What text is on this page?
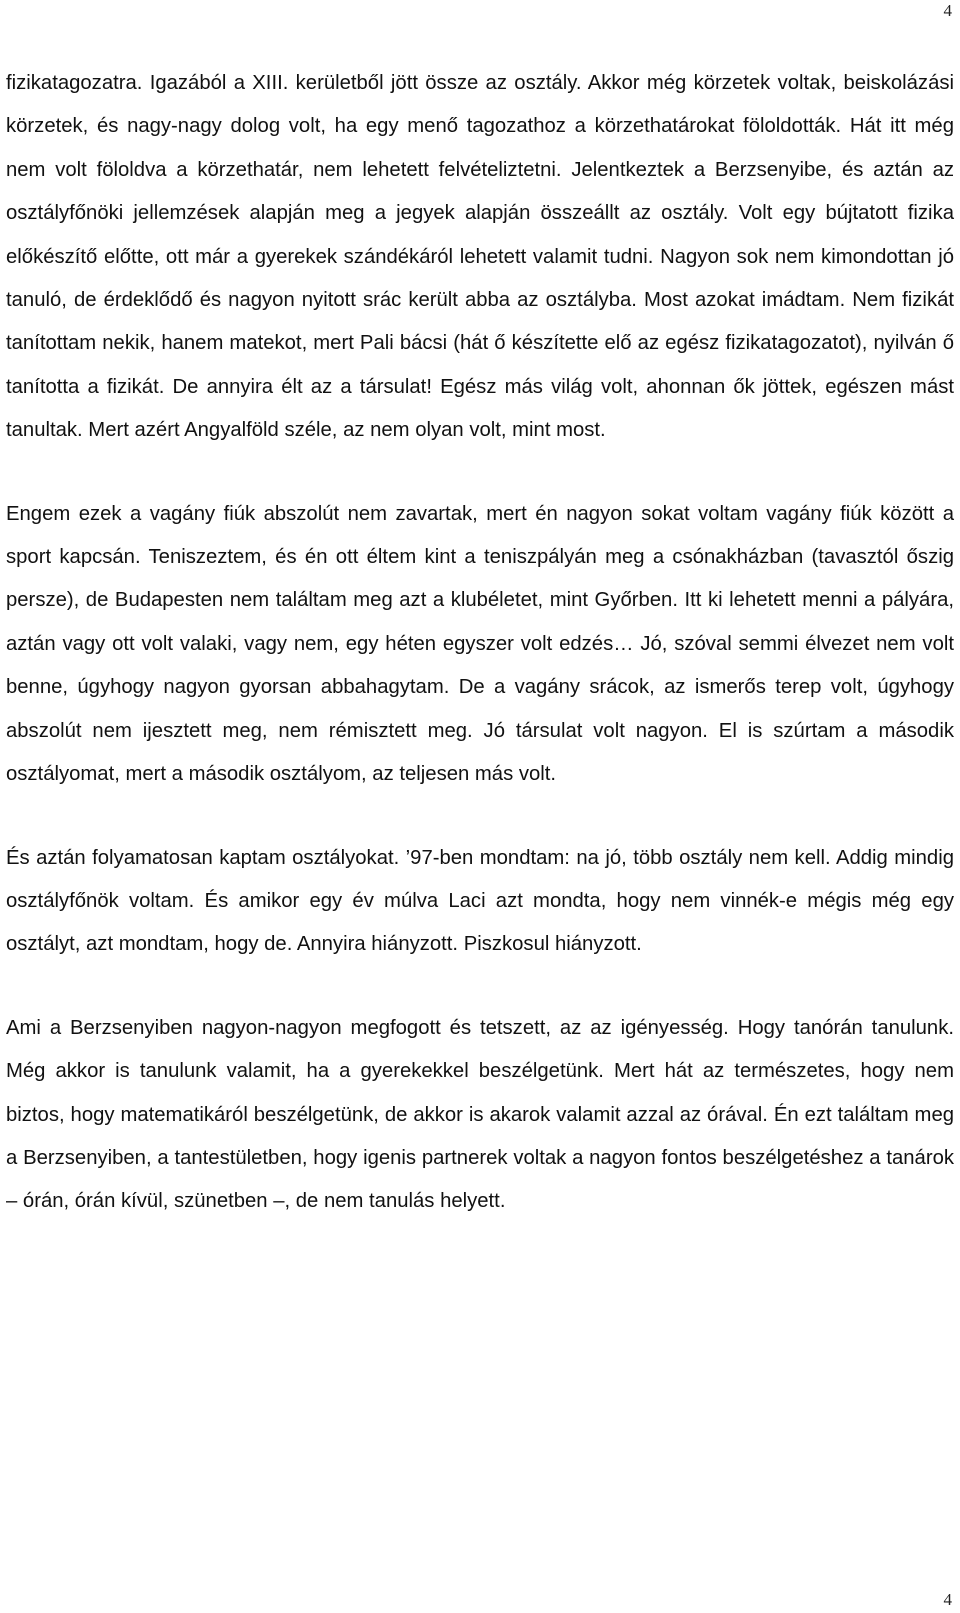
4

fizikatagozatra. Igazából a XIII. kerületből jött össze az osztály. Akkor még körzetek voltak, beiskolázási körzetek, és nagy-nagy dolog volt, ha egy menő tagozathoz a körzethatárokat föloldották. Hát itt még nem volt föloldva a körzethatár, nem lehetett felvételiztetni. Jelentkeztek a Berzsenyibe, és aztán az osztályfőnöki jellemzések alapján meg a jegyek alapján összeállt az osztály. Volt egy bújtatott fizika előkészítő előtte, ott már a gyerekek szándékáról lehetett valamit tudni. Nagyon sok nem kimondottan jó tanuló, de érdeklődő és nagyon nyitott srác került abba az osztályba. Most azokat imádtam. Nem fizikát tanítottam nekik, hanem matekot, mert Pali bácsi (hát ő készítette elő az egész fizikatagozatot), nyilván ő tanította a fizikát. De annyira élt az a társulat! Egész más világ volt, ahonnan ők jöttek, egészen mást tanultak. Mert azért Angyalföld széle, az nem olyan volt, mint most.

Engem ezek a vagány fiúk abszolút nem zavartak, mert én nagyon sokat voltam vagány fiúk között a sport kapcsán. Teniszeztem, és én ott éltem kint a teniszpályán meg a csónakházban (tavasztól őszig persze), de Budapesten nem találtam meg azt a klubéletet, mint Győrben. Itt ki lehetett menni a pályára, aztán vagy ott volt valaki, vagy nem, egy héten egyszer volt edzés… Jó, szóval semmi élvezet nem volt benne, úgyhogy nagyon gyorsan abbahagytam. De a vagány srácok, az ismerős terep volt, úgyhogy abszolút nem ijesztett meg, nem rémisztett meg. Jó társulat volt nagyon. El is szúrtam a második osztályomat, mert a második osztályom, az teljesen más volt.

És aztán folyamatosan kaptam osztályokat. ’97-ben mondtam: na jó, több osztály nem kell. Addig mindig osztályfőnök voltam. És amikor egy év múlva Laci azt mondta, hogy nem vinnék-e mégis még egy osztályt, azt mondtam, hogy de. Annyira hiányzott. Piszkosul hiányzott.

Ami a Berzsenyiben nagyon-nagyon megfogott és tetszett, az az igényesség. Hogy tanórán tanulunk. Még akkor is tanulunk valamit, ha a gyerekekkel beszélgetünk. Mert hát az természetes, hogy nem biztos, hogy matematikáról beszélgetünk, de akkor is akarok valamit azzal az órával. Én ezt találtam meg a Berzsenyiben, a tantestületben, hogy igenis partnerek voltak a nagyon fontos beszélgetéshez a tanárok – órán, órán kívül, szünetben –, de nem tanulás helyett.

4
